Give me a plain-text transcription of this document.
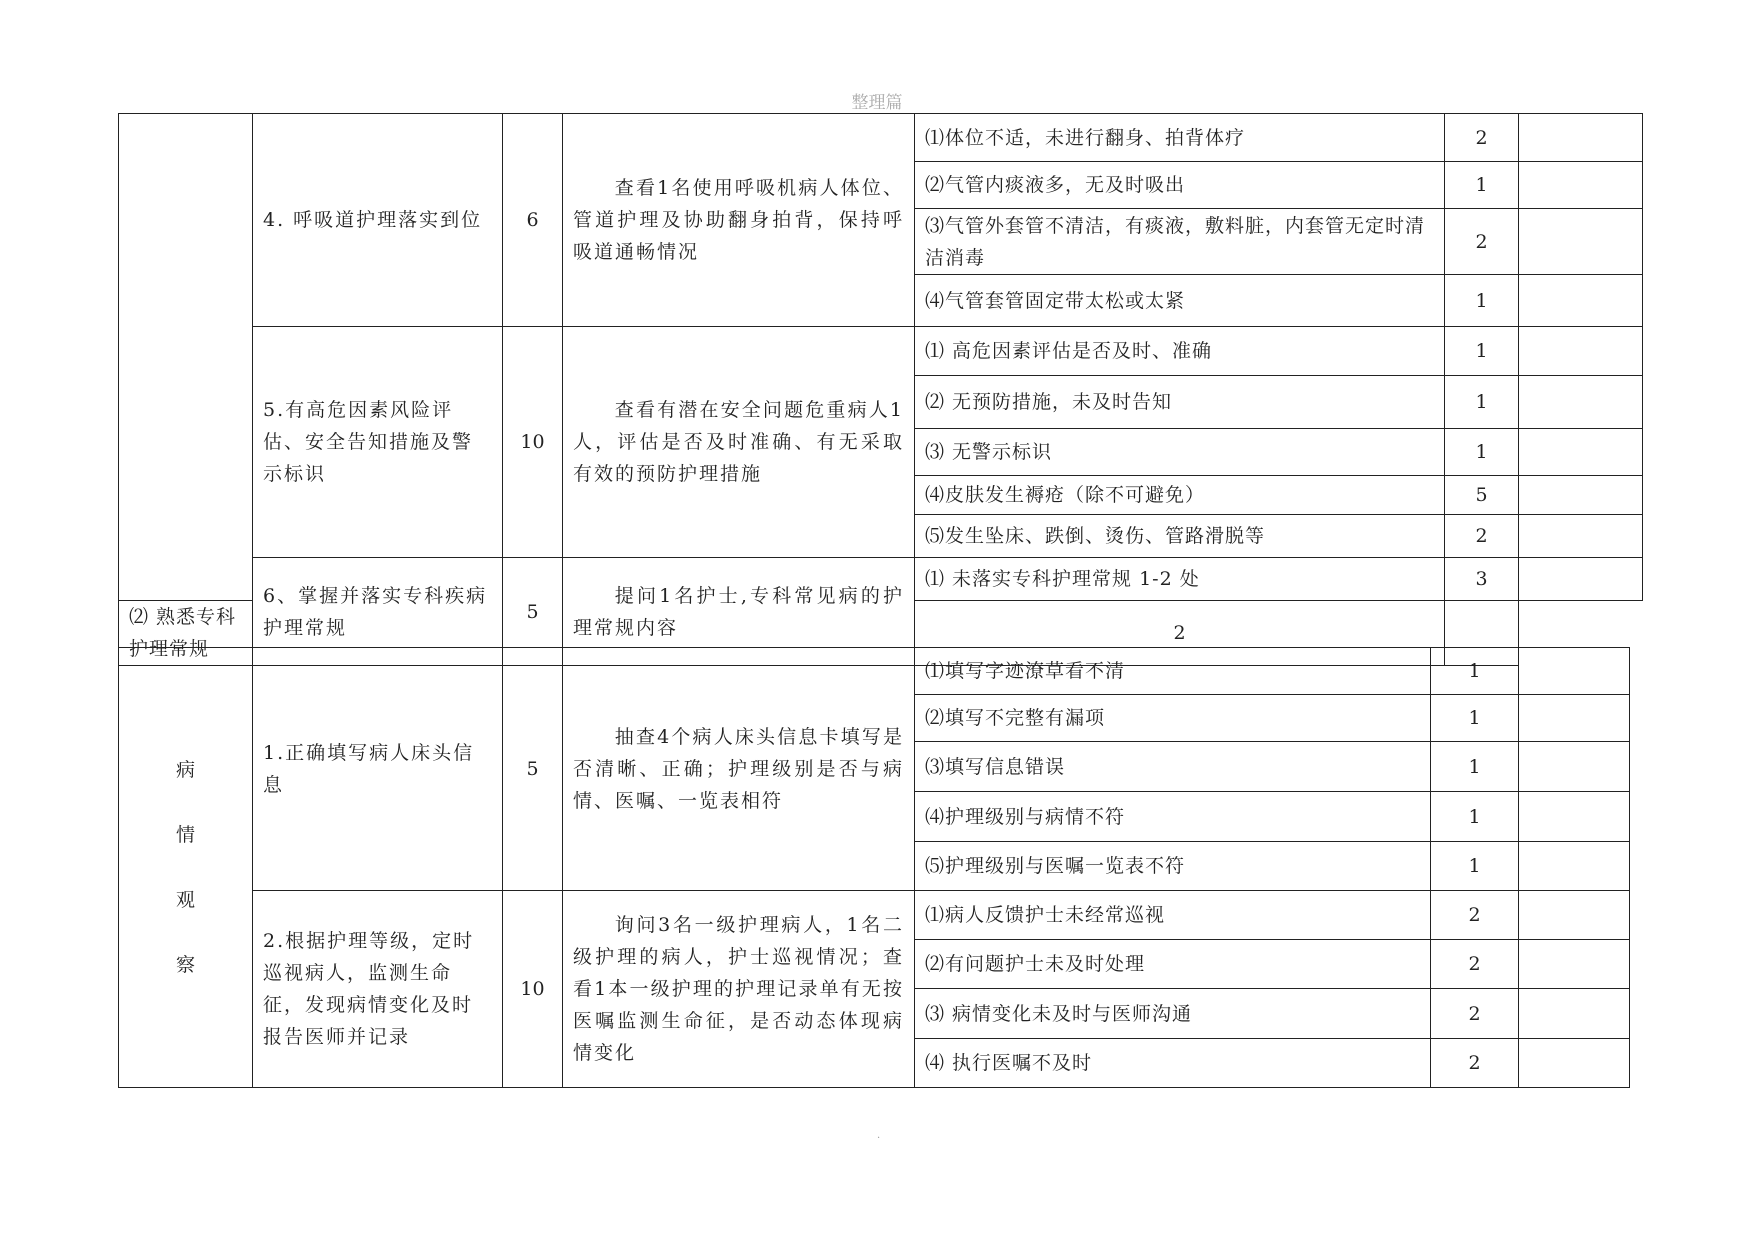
整理篇
	4. 呼吸道护理落实到位	6	查看1名使用呼吸机病人体位、管道护理及协助翻身拍背，保持呼吸道通畅情况	⑴体位不适，未进行翻身、拍背体疗	2	
				⑵气管内痰液多，无及时吸出	1	
				⑶气管外套管不清洁，有痰液，敷料脏，内套管无定时清洁消毒	2	
				⑷气管套管固定带太松或太紧	1	
	5.有高危因素风险评估、安全告知措施及警示标识	10	查看有潜在安全问题危重病人1人，评估是否及时准确、有无采取有效的预防护理措施	⑴ 高危因素评估是否及时、准确	1	
				⑵ 无预防措施，未及时告知	1	
				⑶ 无警示标识	1	
				⑷皮肤发生褥疮（除不可避免）	5	
				⑸发生坠床、跌倒、烫伤、管路滑脱等	2	
	6、掌握并落实专科疾病护理常规	5	提问1名护士,专科常见病的护理常规内容	⑴ 未落实专科护理常规 1-2 处	3	
⑵ 熟悉专科护理常规				2		
病
情
观
察	1.正确填写病人床头信息	5	抽查4个病人床头信息卡填写是否清晰、正确；护理级别是否与病情、医嘱、一览表相符	⑴填写字迹潦草看不清	1	
				⑵填写不完整有漏项	1	
				⑶填写信息错误	1	
				⑷护理级别与病情不符	1	
				⑸护理级别与医嘱一览表不符	1	
	2.根据护理等级，定时巡视病人，监测生命征，发现病情变化及时报告医师并记录	10	询问3名一级护理病人，1名二级护理的病人，护士巡视情况；查看1本一级护理的护理记录单有无按医嘱监测生命征，是否动态体现病情变化	⑴病人反馈护士未经常巡视	2	
				⑵有问题护士未及时处理	2	
				⑶ 病情变化未及时与医师沟通	2	
				⑷ 执行医嘱不及时	2	
.
